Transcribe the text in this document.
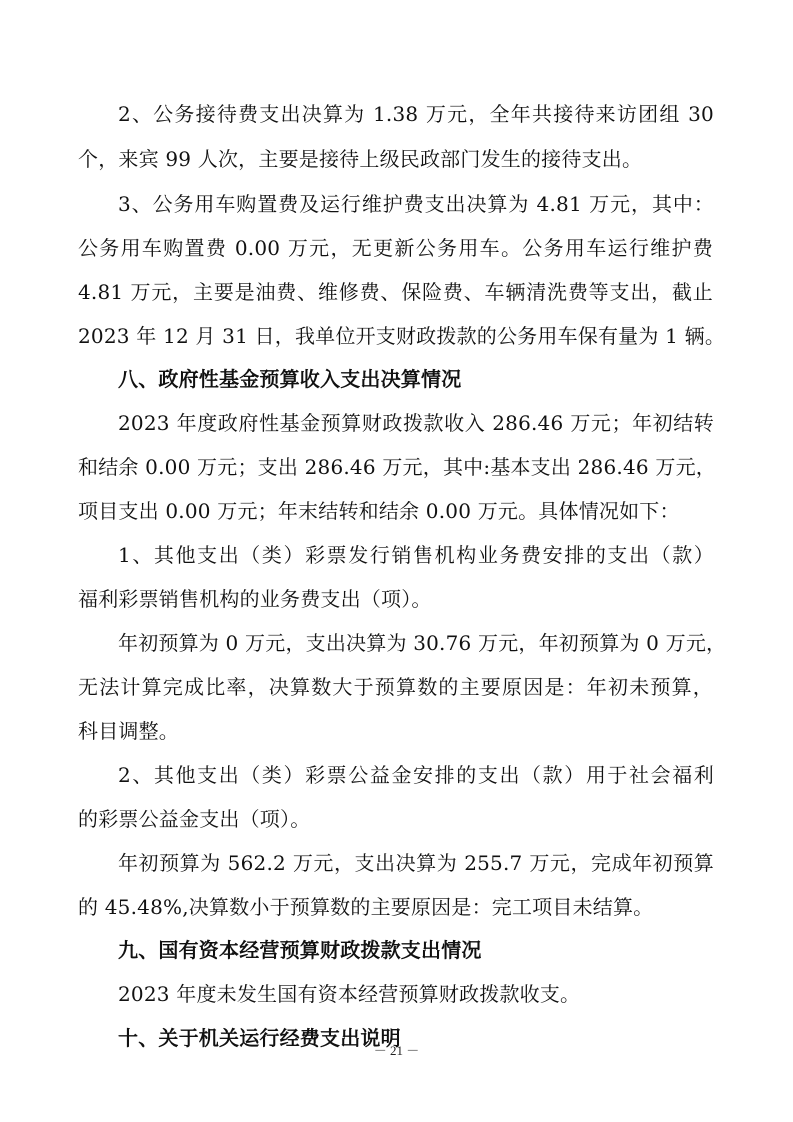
2、公务接待费支出决算为 1.38 万元，全年共接待来访团组 30
个，来宾 99 人次，主要是接待上级民政部门发生的接待支出。
3、公务用车购置费及运行维护费支出决算为 4.81 万元，其中：
公务用车购置费 0.00 万元，无更新公务用车。公务用车运行维护费
4.81 万元，主要是油费、维修费、保险费、车辆清洗费等支出，截止
2023 年 12 月 31 日，我单位开支财政拨款的公务用车保有量为 1 辆。
八、政府性基金预算收入支出决算情况
2023 年度政府性基金预算财政拨款收入 286.46 万元；年初结转
和结余 0.00 万元；支出 286.46 万元，其中:基本支出 286.46 万元，
项目支出 0.00 万元；年末结转和结余 0.00 万元。具体情况如下：
1、其他支出（类）彩票发行销售机构业务费安排的支出（款）
福利彩票销售机构的业务费支出（项）。
年初预算为 0 万元，支出决算为 30.76 万元，年初预算为 0 万元，
无法计算完成比率，决算数大于预算数的主要原因是：年初未预算，
科目调整。
2、其他支出（类）彩票公益金安排的支出（款）用于社会福利
的彩票公益金支出（项）。
年初预算为 562.2 万元，支出决算为 255.7 万元，完成年初预算
的 45.48%,决算数小于预算数的主要原因是：完工项目未结算。
九、国有资本经营预算财政拨款支出情况
2023 年度未发生国有资本经营预算财政拨款收支。
十、关于机关运行经费支出说明
－ 21 －
